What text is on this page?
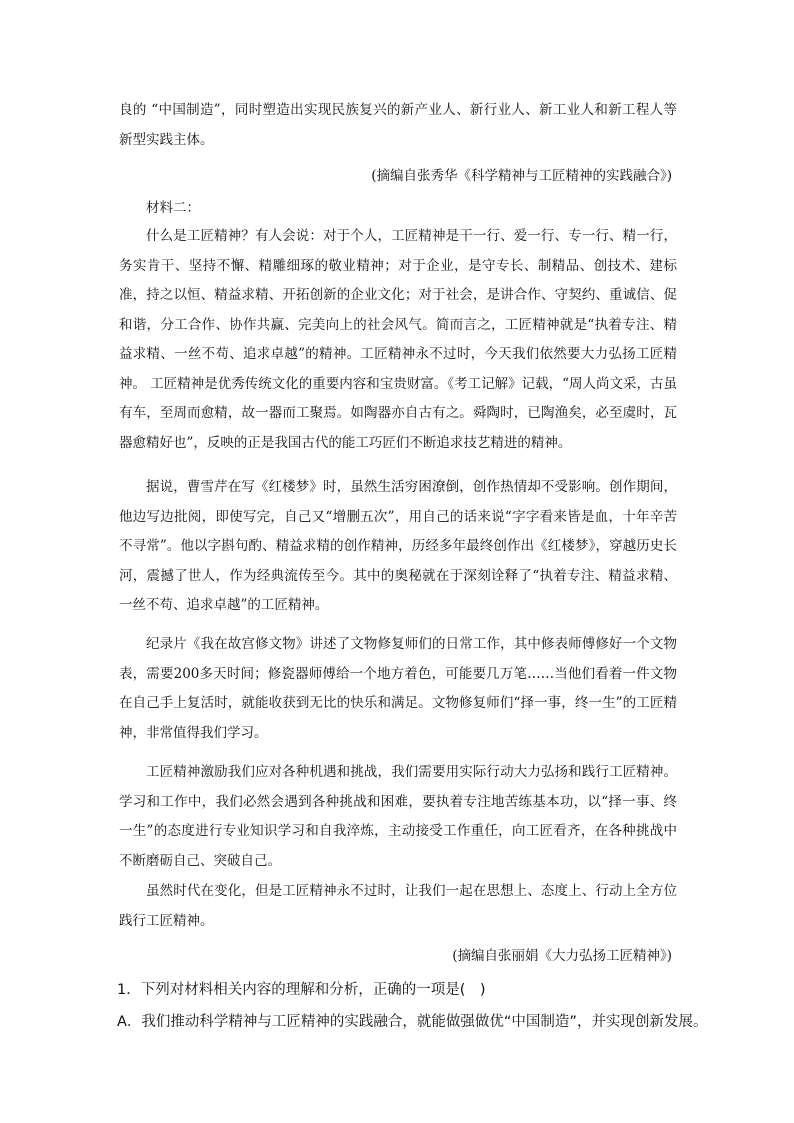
良的 “中国制造”，同时塑造出实现民族复兴的新产业人、新行业人、新工业人和新工程人等新型实践主体。

(摘编自张秀华《科学精神与工匠精神的实践融合》)

材料二：

什么是工匠精神？有人会说：对于个人，工匠精神是干一行、爱一行、专一行、精一行，务实肯干、坚持不懈、精雕细琢的敬业精神；对于企业，是守专长、制精品、创技术、建标准，持之以恒、精益求精、开拓创新的企业文化；对于社会，是讲合作、守契约、重诚信、促和谐，分工合作、协作共赢、完美向上的社会风气。简而言之，工匠精神就是“执着专注、精益求精、一丝不苟、追求卓越”的精神。工匠精神永不过时，今天我们依然要大力弘扬工匠精神。 工匠精神是优秀传统文化的重要内容和宝贵财富。《考工记解》记载，“周人尚文采，古虽有车，至周而愈精，故一器而工聚焉。如陶器亦自古有之。舜陶时，已陶渔矣，必至虞时，瓦器愈精好也”，反映的正是我国古代的能工巧匠们不断追求技艺精进的精神。

据说，曹雪芹在写《红楼梦》时，虽然生活穷困潦倒，创作热情却不受影响。创作期间，他边写边批阅，即使写完，自己又“增删五次”，用自己的话来说“字字看来皆是血，十年辛苦不寻常”。他以字斟句酌、精益求精的创作精神，历经多年最终创作出《红楼梦》，穿越历史长河，震撼了世人，作为经典流传至今。其中的奥秘就在于深刻诠释了“执着专注、精益求精、一丝不苟、追求卓越”的工匠精神。

纪录片《我在故宫修文物》讲述了文物修复师们的日常工作，其中修表师傅修好一个文物表，需要200多天时间；修瓷器师傅给一个地方着色，可能要几万笔……当他们看着一件文物在自己手上复活时，就能收获到无比的快乐和满足。文物修复师们“择一事，终一生”的工匠精神，非常值得我们学习。

工匠精神激励我们应对各种机遇和挑战，我们需要用实际行动大力弘扬和践行工匠精神。学习和工作中，我们必然会遇到各种挑战和困难，要执着专注地苦练基本功，以“择一事、终一生”的态度进行专业知识学习和自我淬炼，主动接受工作重任，向工匠看齐，在各种挑战中不断磨砺自己、突破自己。

虽然时代在变化，但是工匠精神永不过时，让我们一起在思想上、态度上、行动上全方位践行工匠精神。

(摘编自张丽娟《大力弘扬工匠精神》)

1．下列对材料相关内容的理解和分析，正确的一项是(　)

A．我们推动科学精神与工匠精神的实践融合，就能做强做优“中国制造”，并实现创新发展。
